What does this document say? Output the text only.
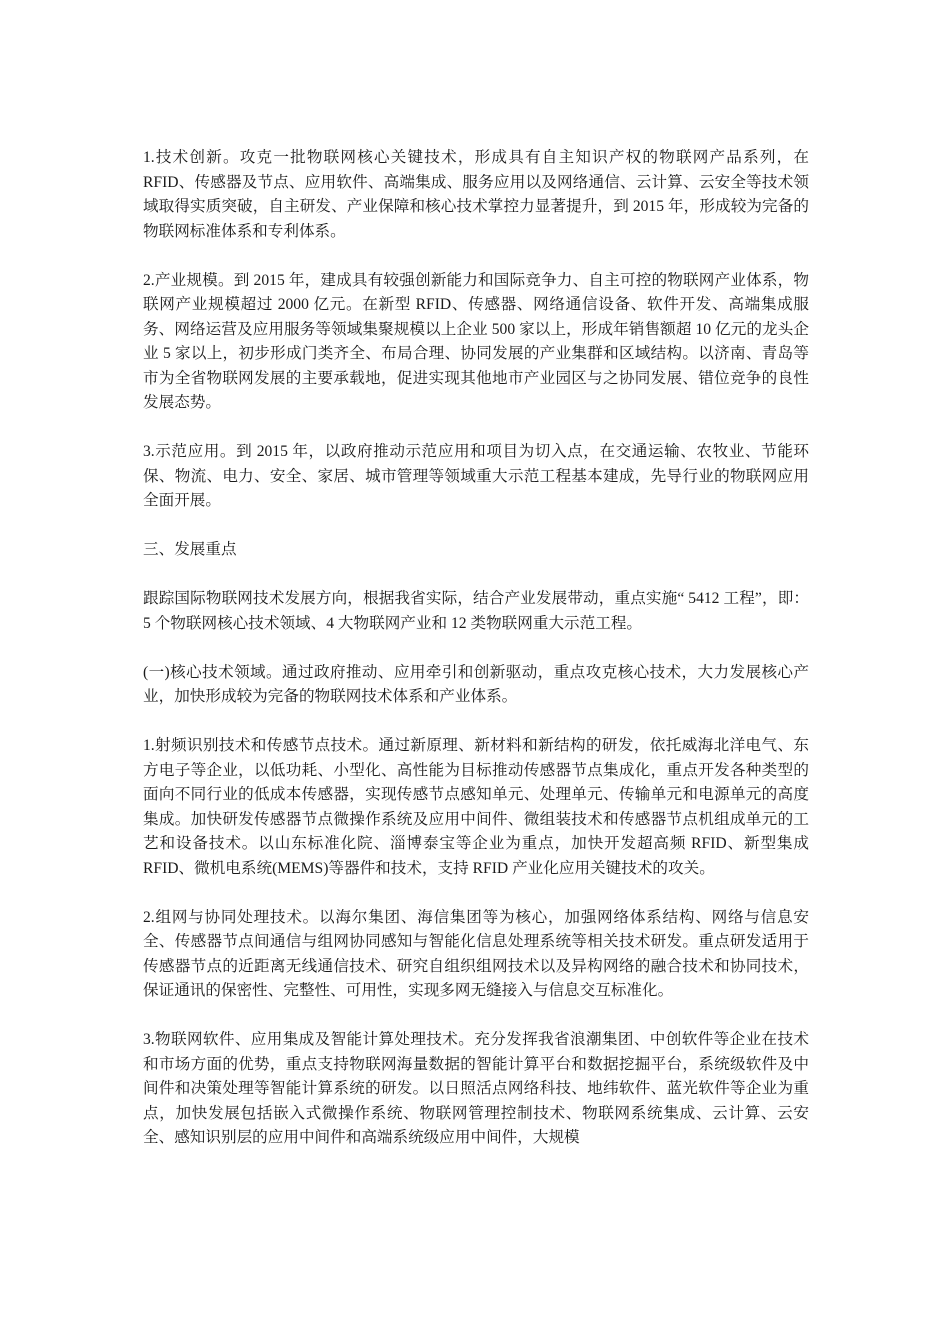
1.技术创新。攻克一批物联网核心关键技术，形成具有自主知识产权的物联网产品系列，在 RFID、传感器及节点、应用软件、高端集成、服务应用以及网络通信、云计算、云安全等技术领域取得实质突破，自主研发、产业保障和核心技术掌控力显著提升，到 2015 年，形成较为完备的物联网标准体系和专利体系。

2.产业规模。到 2015 年，建成具有较强创新能力和国际竞争力、自主可控的物联网产业体系，物联网产业规模超过 2000 亿元。在新型 RFID、传感器、网络通信设备、软件开发、高端集成服务、网络运营及应用服务等领域集聚规模以上企业 500 家以上，形成年销售额超 10 亿元的龙头企业 5 家以上，初步形成门类齐全、布局合理、协同发展的产业集群和区域结构。以济南、青岛等市为全省物联网发展的主要承载地，促进实现其他地市产业园区与之协同发展、错位竞争的良性发展态势。

3.示范应用。到 2015 年，以政府推动示范应用和项目为切入点，在交通运输、农牧业、节能环保、物流、电力、安全、家居、城市管理等领域重大示范工程基本建成，先导行业的物联网应用全面开展。

三、发展重点

跟踪国际物联网技术发展方向，根据我省实际，结合产业发展带动，重点实施“ 5412 工程”，即：5 个物联网核心技术领域、4 大物联网产业和 12 类物联网重大示范工程。

(一)核心技术领域。通过政府推动、应用牵引和创新驱动，重点攻克核心技术，大力发展核心产业，加快形成较为完备的物联网技术体系和产业体系。

1.射频识别技术和传感节点技术。通过新原理、新材料和新结构的研发，依托威海北洋电气、东方电子等企业，以低功耗、小型化、高性能为目标推动传感器节点集成化，重点开发各种类型的面向不同行业的低成本传感器，实现传感节点感知单元、处理单元、传输单元和电源单元的高度集成。加快研发传感器节点微操作系统及应用中间件、微组装技术和传感器节点机组成单元的工艺和设备技术。以山东标准化院、淄博泰宝等企业为重点，加快开发超高频 RFID、新型集成 RFID、微机电系统(MEMS)等器件和技术，支持 RFID 产业化应用关键技术的攻关。

2.组网与协同处理技术。以海尔集团、海信集团等为核心，加强网络体系结构、网络与信息安全、传感器节点间通信与组网协同感知与智能化信息处理系统等相关技术研发。重点研发适用于传感器节点的近距离无线通信技术、研究自组织组网技术以及异构网络的融合技术和协同技术，保证通讯的保密性、完整性、可用性，实现多网无缝接入与信息交互标准化。

3.物联网软件、应用集成及智能计算处理技术。充分发挥我省浪潮集团、中创软件等企业在技术和市场方面的优势，重点支持物联网海量数据的智能计算平台和数据挖掘平台，系统级软件及中间件和决策处理等智能计算系统的研发。以日照活点网络科技、地纬软件、蓝光软件等企业为重点，加快发展包括嵌入式微操作系统、物联网管理控制技术、物联网系统集成、云计算、云安全、感知识别层的应用中间件和高端系统级应用中间件，大规模
